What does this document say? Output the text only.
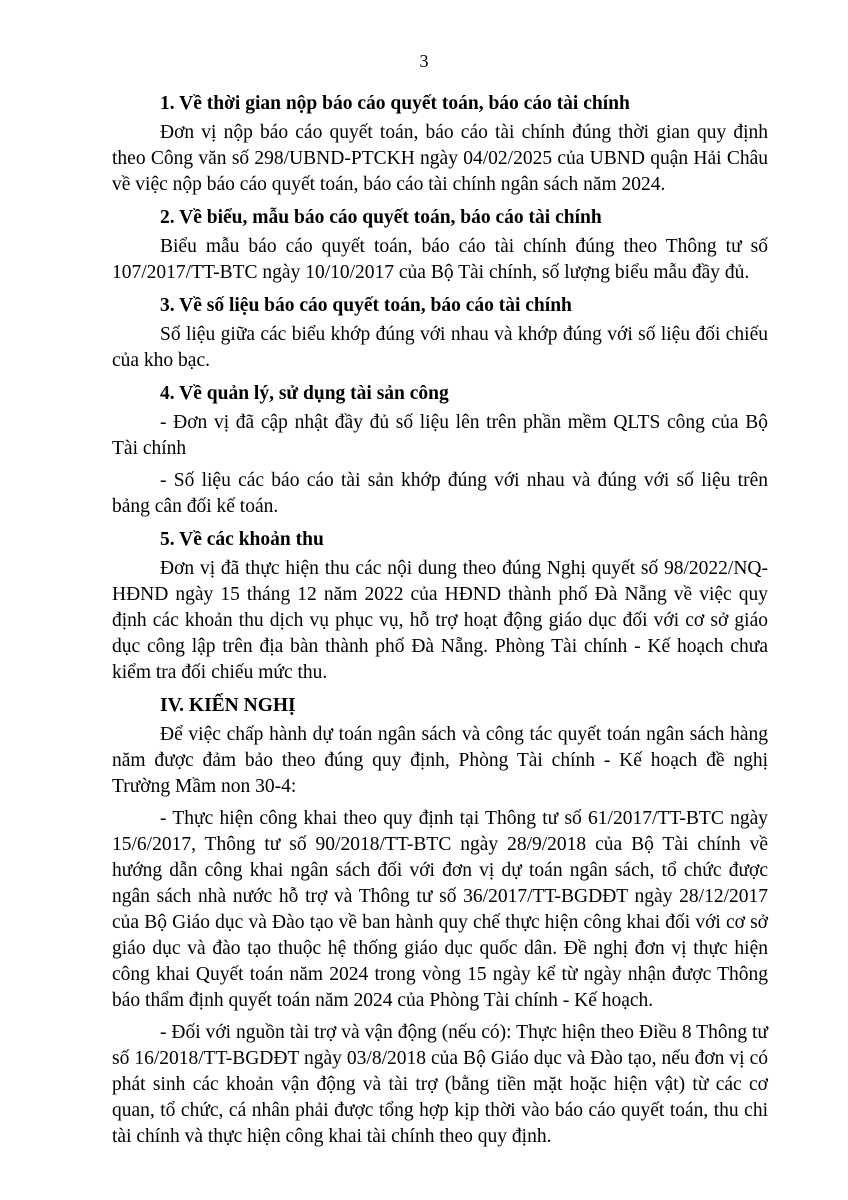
3
1. Về thời gian nộp báo cáo quyết toán, báo cáo tài chính

Đơn vị nộp báo cáo quyết toán, báo cáo tài chính đúng thời gian quy định theo Công văn số 298/UBND-PTCKH ngày 04/02/2025 của UBND quận Hải Châu về việc nộp báo cáo quyết toán, báo cáo tài chính ngân sách năm 2024.

2. Về biểu, mẫu báo cáo quyết toán, báo cáo tài chính

Biểu mẫu báo cáo quyết toán, báo cáo tài chính đúng theo Thông tư số 107/2017/TT-BTC ngày 10/10/2017 của Bộ Tài chính, số lượng biểu mẫu đầy đủ.

3. Về số liệu báo cáo quyết toán, báo cáo tài chính

Số liệu giữa các biểu khớp đúng với nhau và khớp đúng với số liệu đối chiếu của kho bạc.

4. Về quản lý, sử dụng tài sản công

- Đơn vị đã cập nhật đầy đủ số liệu lên trên phần mềm QLTS công của Bộ Tài chính

- Số liệu các báo cáo tài sản khớp đúng với nhau và đúng với số liệu trên bảng cân đối kế toán.

5. Về các khoản thu

Đơn vị đã thực hiện thu các nội dung theo đúng Nghị quyết số 98/2022/NQ-HĐND ngày 15 tháng 12 năm 2022 của HĐND thành phố Đà Nẵng về việc quy định các khoản thu dịch vụ phục vụ, hỗ trợ hoạt động giáo dục đối với cơ sở giáo dục công lập trên địa bàn thành phố Đà Nẵng. Phòng Tài chính - Kế hoạch chưa kiểm tra đối chiếu mức thu.

IV. KIẾN NGHỊ

Để việc chấp hành dự toán ngân sách và công tác quyết toán ngân sách hàng năm được đảm bảo theo đúng quy định, Phòng Tài chính - Kế hoạch đề nghị Trường Mầm non 30-4:

- Thực hiện công khai theo quy định tại Thông tư số 61/2017/TT-BTC ngày 15/6/2017, Thông tư số 90/2018/TT-BTC ngày 28/9/2018 của Bộ Tài chính về hướng dẫn công khai ngân sách đối với đơn vị dự toán ngân sách, tổ chức được ngân sách nhà nước hỗ trợ và Thông tư số 36/2017/TT-BGDĐT ngày 28/12/2017 của Bộ Giáo dục và Đào tạo về ban hành quy chế thực hiện công khai đối với cơ sở giáo dục và đào tạo thuộc hệ thống giáo dục quốc dân. Đề nghị đơn vị thực hiện công khai Quyết toán năm 2024 trong vòng 15 ngày kể từ ngày nhận được Thông báo thẩm định quyết toán năm 2024 của Phòng Tài chính - Kế hoạch.

- Đối với nguồn tài trợ và vận động (nếu có): Thực hiện theo Điều 8 Thông tư số 16/2018/TT-BGDĐT ngày 03/8/2018 của Bộ Giáo dục và Đào tạo, nếu đơn vị có phát sinh các khoản vận động và tài trợ (bằng tiền mặt hoặc hiện vật) từ các cơ quan, tổ chức, cá nhân phải được tổng hợp kịp thời vào báo cáo quyết toán, thu chi tài chính và thực hiện công khai tài chính theo quy định.
